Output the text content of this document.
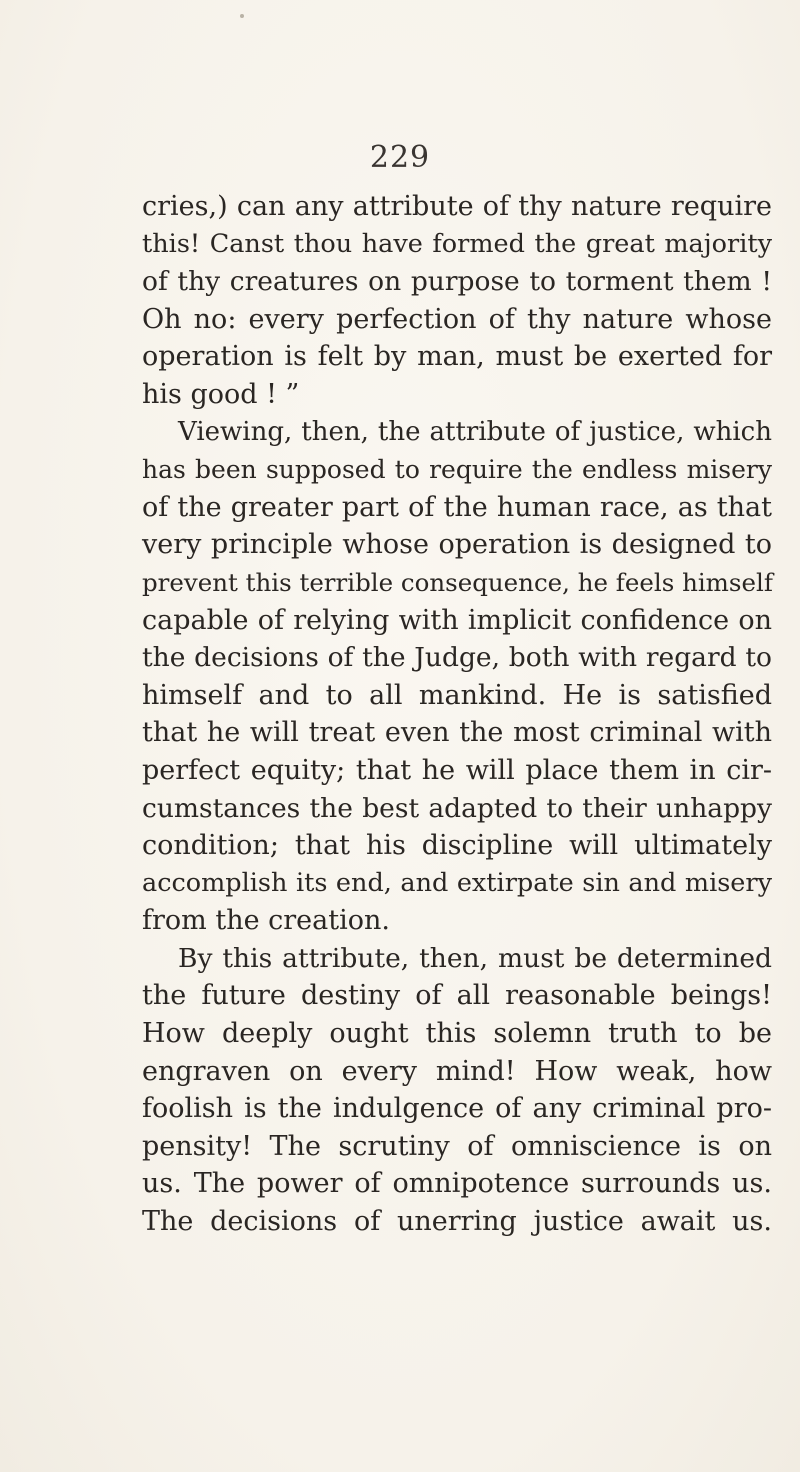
229
cries,) can any attribute of thy nature require
this! Canst thou have formed the great majority
of thy creatures on purpose to torment them !
Oh no: every perfection of thy nature whose
operation is felt by man, must be exerted for
his good ! ”
Viewing, then, the attribute of justice, which
has been supposed to require the endless misery
of the greater part of the human race, as that
very principle whose operation is designed to
prevent this terrible consequence, he feels himself
capable of relying with implicit confidence on
the decisions of the Judge, both with regard to
himself and to all mankind. He is satisfied
that he will treat even the most criminal with
perfect equity; that he will place them in cir-
cumstances the best adapted to their unhappy
condition; that his discipline will ultimately
accomplish its end, and extirpate sin and misery
from the creation.
By this attribute, then, must be determined
the future destiny of all reasonable beings!
How deeply ought this solemn truth to be
engraven on every mind! How weak, how
foolish is the indulgence of any criminal pro-
pensity! The scrutiny of omniscience is on
us. The power of omnipotence surrounds us.
The decisions of unerring justice await us.
